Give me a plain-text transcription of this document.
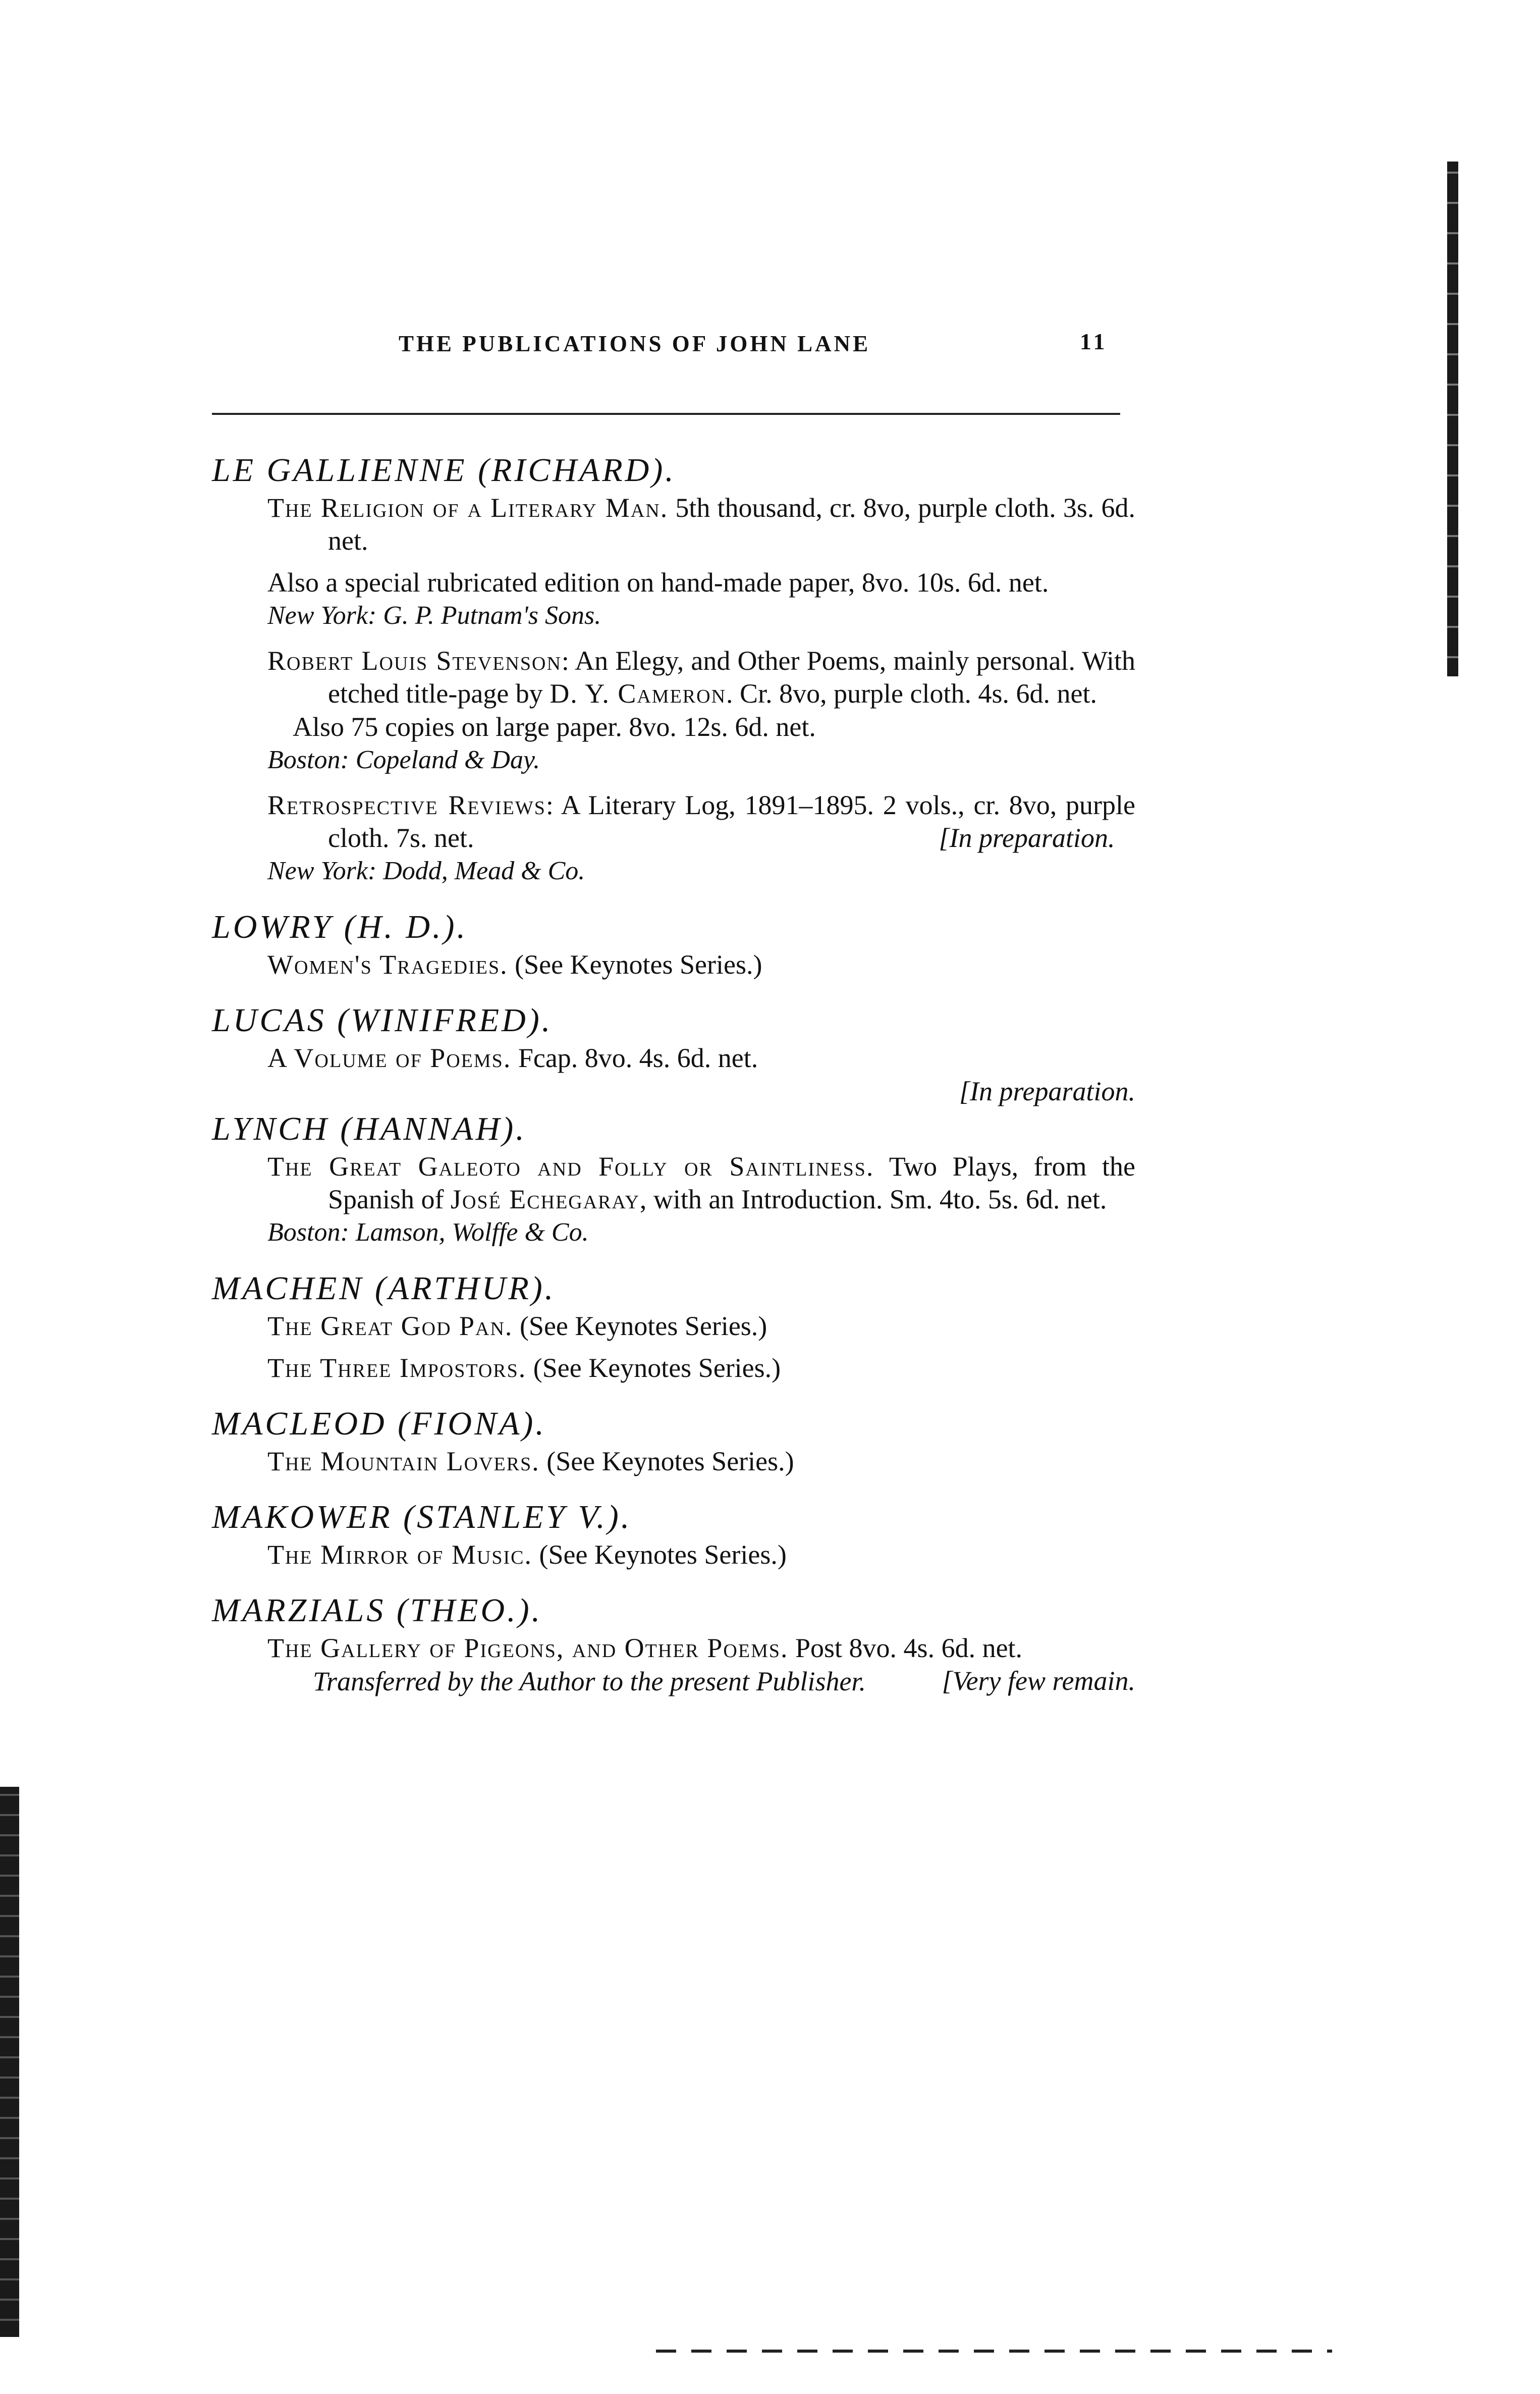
THE PUBLICATIONS OF JOHN LANE	11
LE GALLIENNE (RICHARD).
The Religion of a Literary Man. 5th thousand, cr. 8vo, purple cloth. 3s. 6d. net.
Also a special rubricated edition on hand-made paper, 8vo. 10s. 6d. net.
New York: G. P. Putnam's Sons.
Robert Louis Stevenson: An Elegy, and Other Poems, mainly personal. With etched title-page by D. Y. Cameron. Cr. 8vo, purple cloth. 4s. 6d. net.
Also 75 copies on large paper. 8vo. 12s. 6d. net.
Boston: Copeland & Day.
Retrospective Reviews: A Literary Log, 1891–1895. 2 vols., cr. 8vo, purple cloth. 7s. net.	[In preparation.
New York: Dodd, Mead & Co.
LOWRY (H. D.).
Women's Tragedies. (See Keynotes Series.)
LUCAS (WINIFRED).
A Volume of Poems. Fcap. 8vo. 4s. 6d. net.
[In preparation.
LYNCH (HANNAH).
The Great Galeoto and Folly or Saintliness. Two Plays, from the Spanish of José Echegaray, with an Introduction. Sm. 4to. 5s. 6d. net.
Boston: Lamson, Wolffe & Co.
MACHEN (ARTHUR).
The Great God Pan. (See Keynotes Series.)
The Three Impostors. (See Keynotes Series.)
MACLEOD (FIONA).
The Mountain Lovers. (See Keynotes Series.)
MAKOWER (STANLEY V.).
The Mirror of Music. (See Keynotes Series.)
MARZIALS (THEO.).
The Gallery of Pigeons, and Other Poems. Post 8vo. 4s. 6d. net.
[Very few remain.
Transferred by the Author to the present Publisher.
